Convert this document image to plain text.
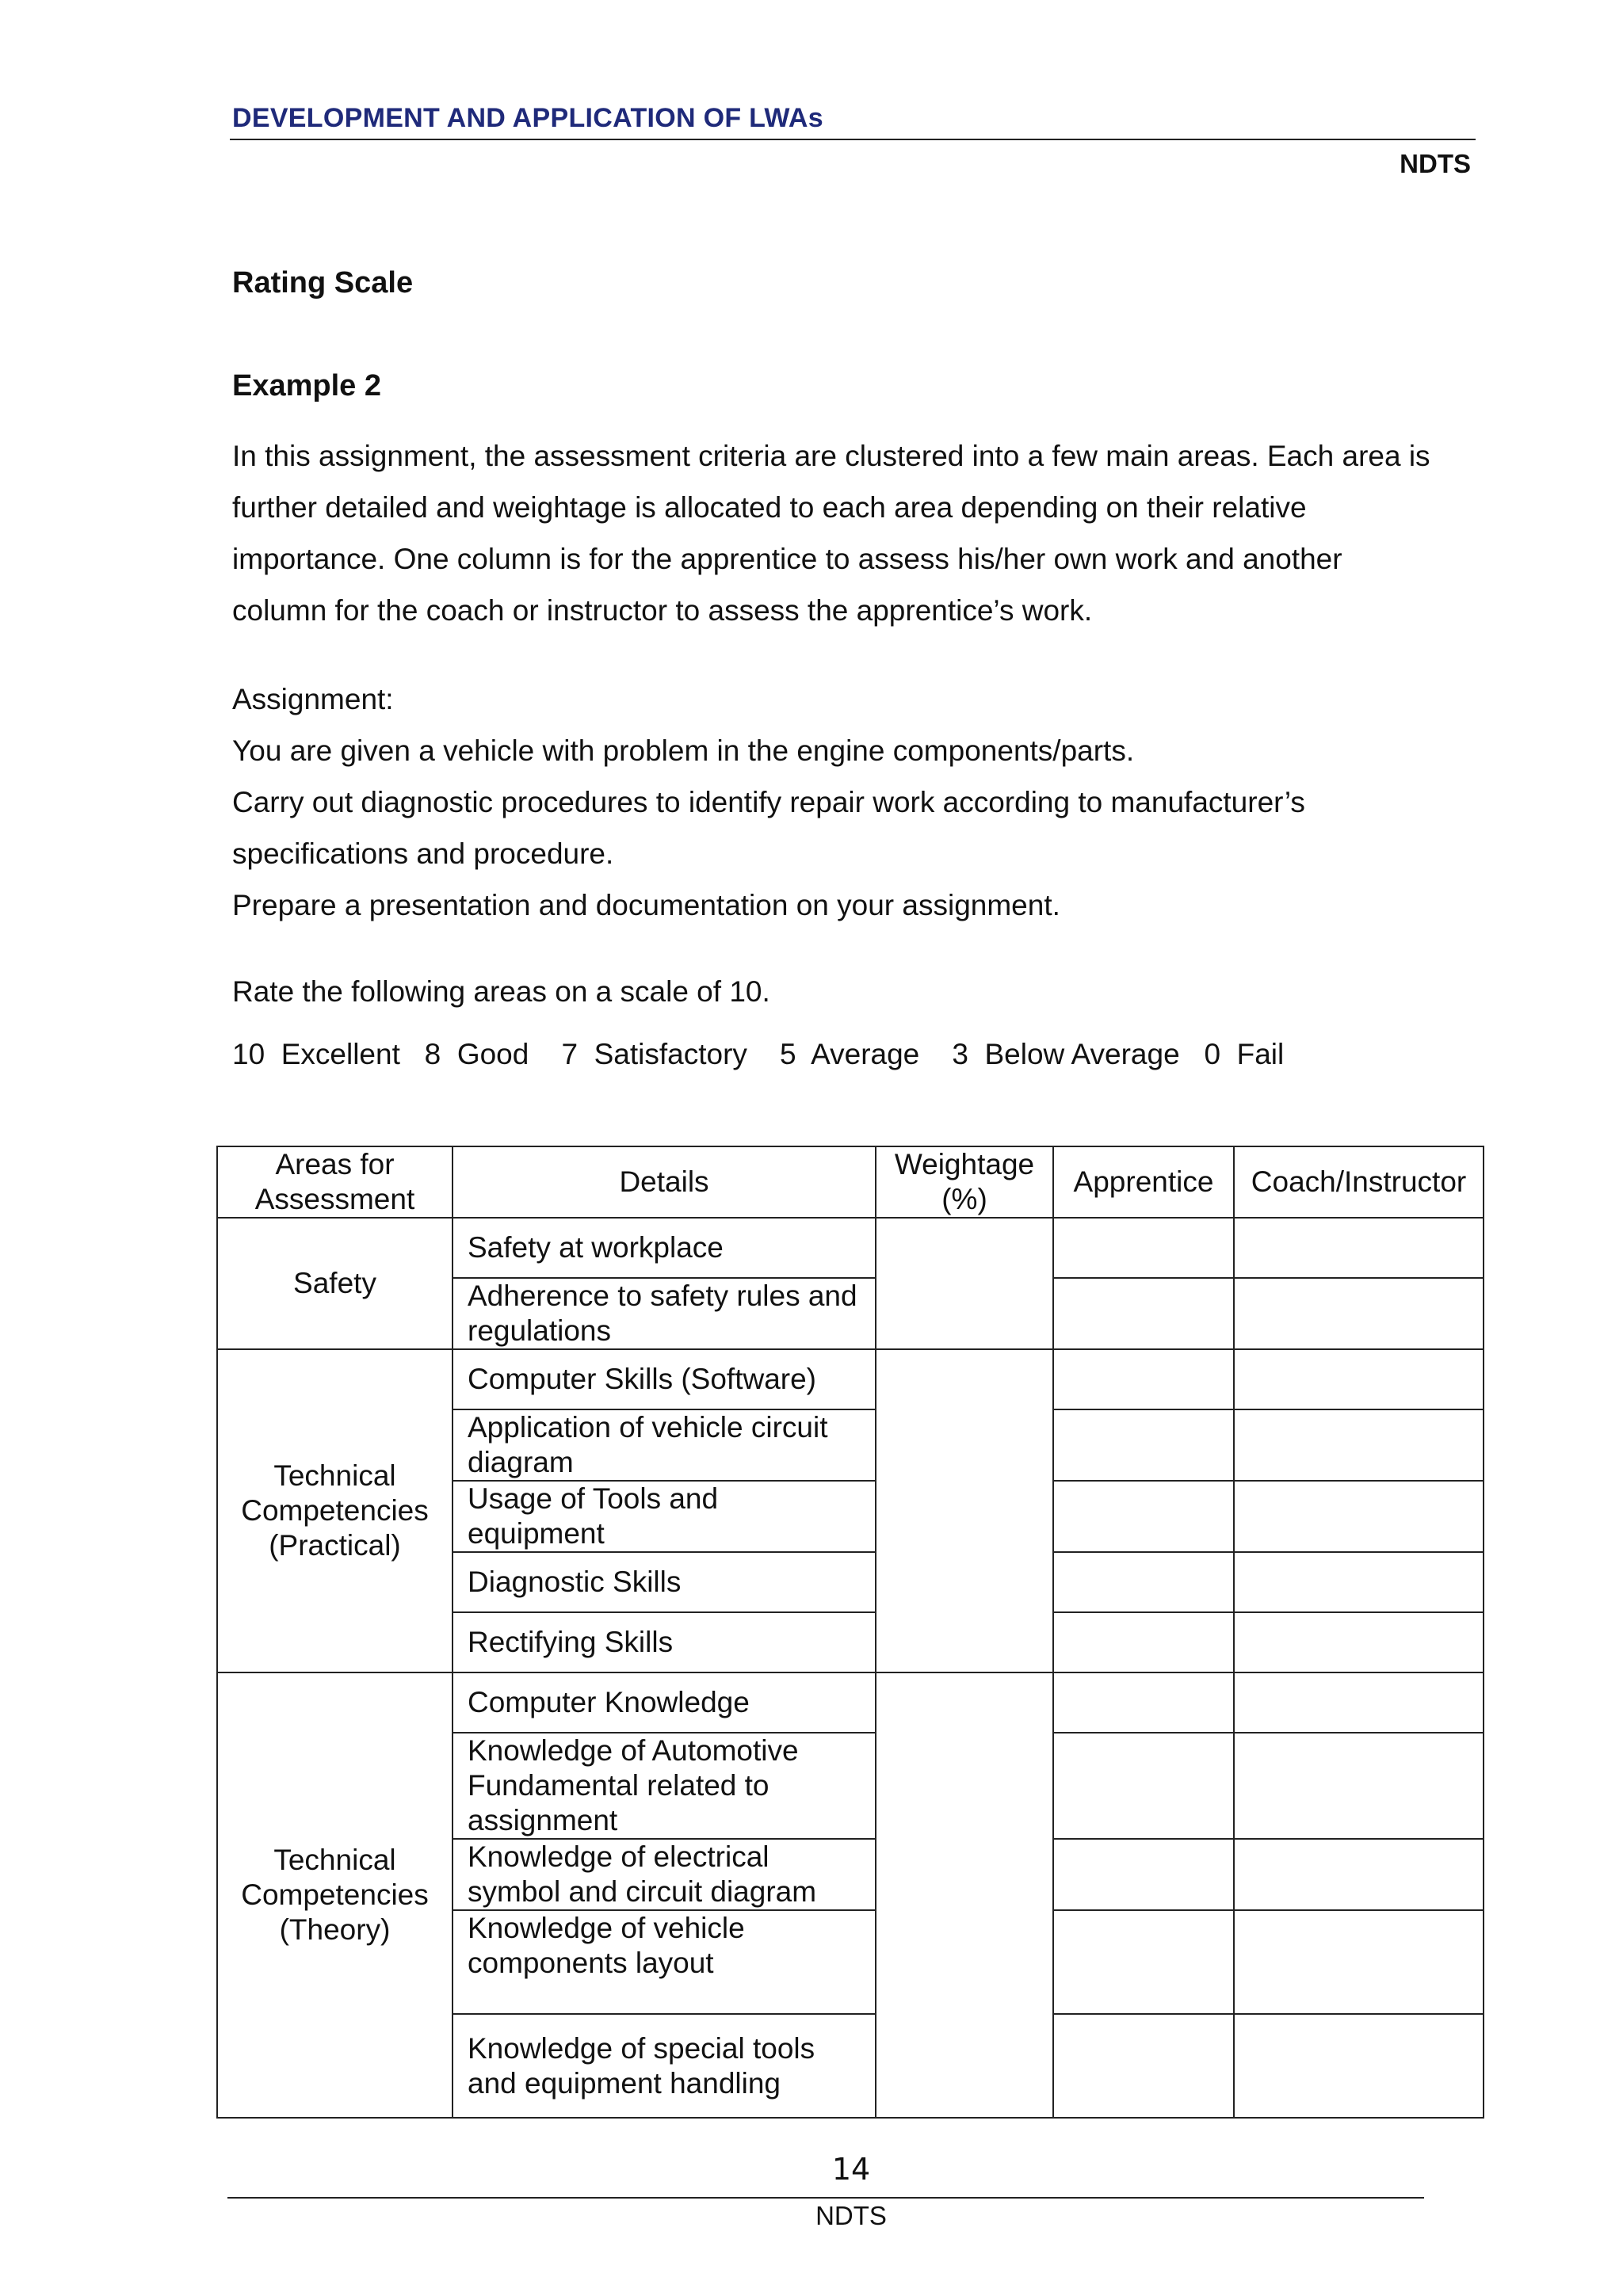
DEVELOPMENT AND APPLICATION OF LWAs
NDTS
Rating Scale
Example 2

In this assignment, the assessment criteria are clustered into a few main areas. Each area is

further detailed and weightage is allocated to each area depending on their relative

importance. One column is for the apprentice to assess his/her own work and another

column for the coach or instructor to assess the apprentice’s work.

Assignment:

You are given a vehicle with problem in the engine components/parts.

Carry out diagnostic procedures to identify repair work according to manufacturer’s

specifications and procedure.

Prepare a presentation and documentation on your assignment.

Rate the following areas on a scale of 10.
10  Excellent   8  Good    7  Satisfactory    5  Average    3  Below Average   0  Fail
Areas for Assessment	Details	Weightage (%)	Apprentice	Coach/Instructor
Safety	Safety at workplace			
	Adherence to safety rules and regulations			
Technical Competencies (Practical)	Computer Skills (Software)			
	Application of vehicle circuit diagram			
	Usage of Tools and equipment			
	Diagnostic Skills			
	Rectifying Skills			
Technical Competencies (Theory)	Computer Knowledge			
	Knowledge of Automotive Fundamental related to assignment			
	Knowledge of electrical symbol and circuit diagram			
	Knowledge of vehicle components layout			
	Knowledge of special tools and equipment handling			
14
NDTS
